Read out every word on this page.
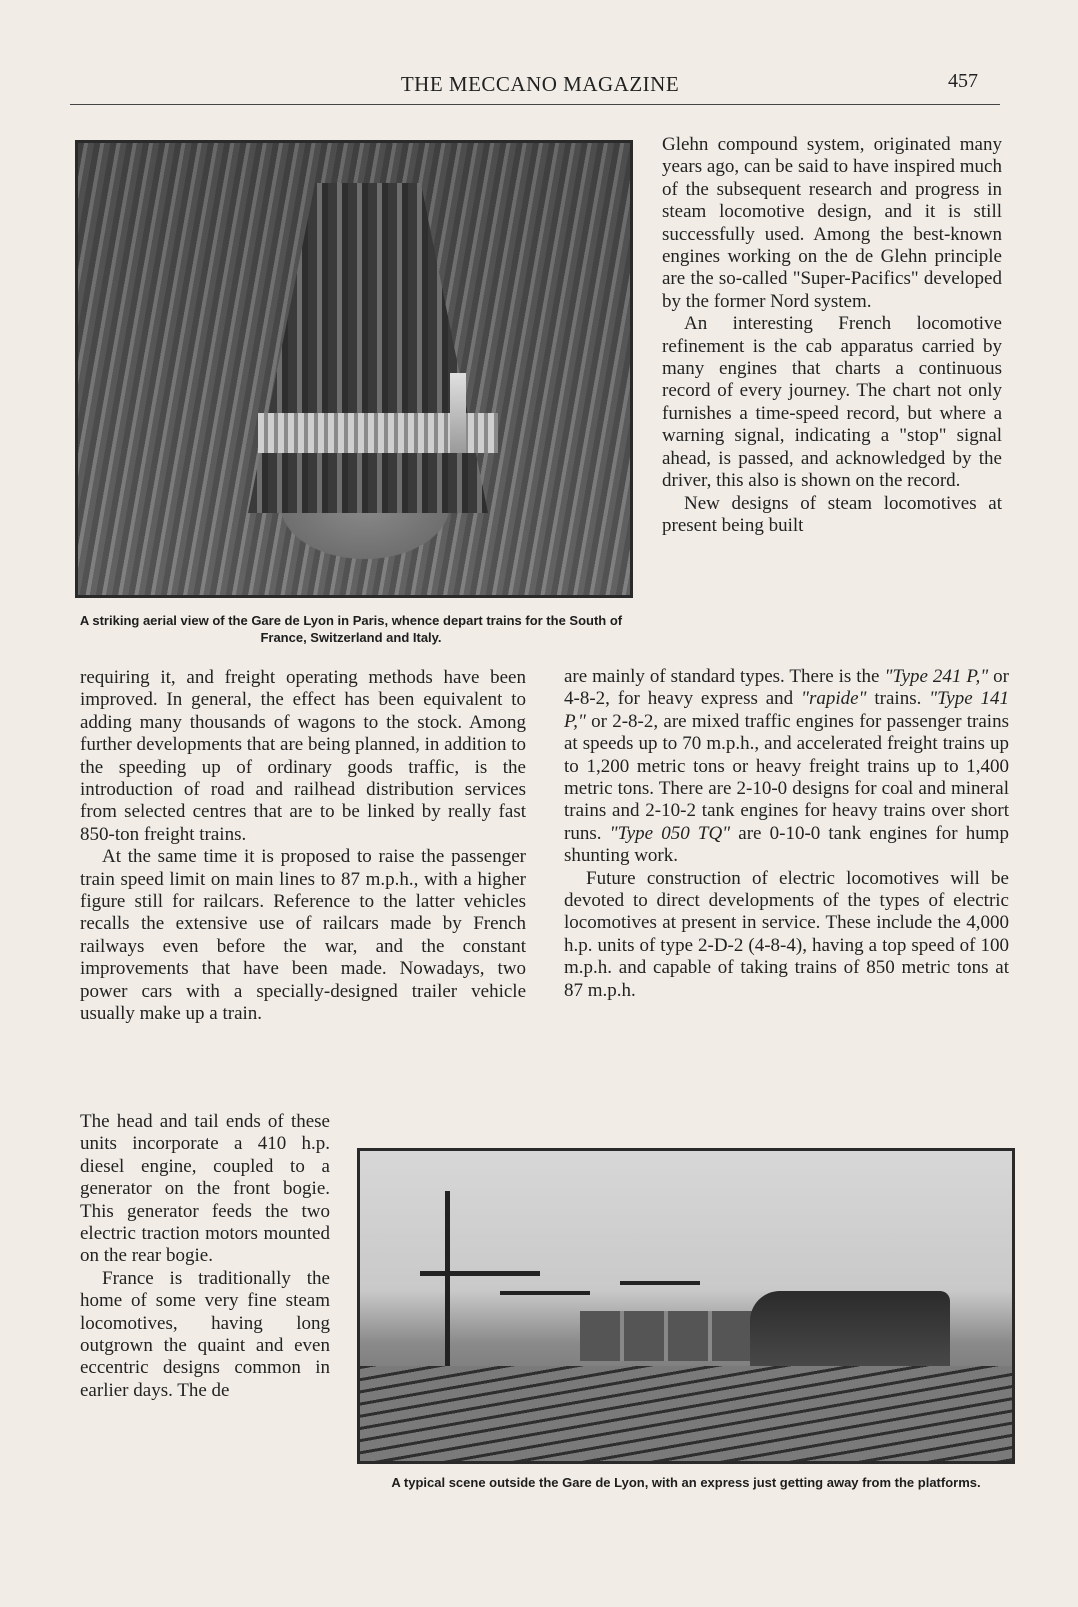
THE MECCANO MAGAZINE	457
A striking aerial view of the Gare de Lyon in Paris, whence depart trains for the South of France, Switzerland and Italy.

Glehn compound system, originated many years ago, can be said to have inspired much of the subsequent research and progress in steam locomotive design, and it is still successfully used. Among the best-known engines working on the de Glehn principle are the so-called "Super-Pacifics" developed by the former Nord system.

An interesting French locomotive refinement is the cab apparatus carried by many engines that charts a continuous record of every journey. The chart not only furnishes a time-speed record, but where a warning signal, indicating a "stop" signal ahead, is passed, and acknowledged by the driver, this also is shown on the record.

New designs of steam locomotives at present being built

are mainly of standard types. There is the "Type 241 P," or 4-8-2, for heavy express and "rapide" trains. "Type 141 P," or 2-8-2, are mixed traffic engines for passenger trains at speeds up to 70 m.p.h., and accelerated freight trains up to 1,200 metric tons or heavy freight trains up to 1,400 metric tons. There are 2-10-0 designs for coal and mineral trains and 2-10-2 tank engines for heavy trains over short runs. "Type 050 TQ" are 0-10-0 tank engines for hump shunting work.

Future construction of electric locomotives will be devoted to direct developments of the types of electric locomotives at present in service. These include the 4,000 h.p. units of type 2-D-2 (4-8-4), having a top speed of 100 m.p.h. and capable of taking trains of 850 metric tons at 87 m.p.h.

requiring it, and freight operating methods have been improved. In general, the effect has been equivalent to adding many thousands of wagons to the stock. Among further developments that are being planned, in addition to the speeding up of ordinary goods traffic, is the introduction of road and railhead distribution services from selected centres that are to be linked by really fast 850-ton freight trains.

At the same time it is proposed to raise the passenger train speed limit on main lines to 87 m.p.h., with a higher figure still for railcars. Reference to the latter vehicles recalls the extensive use of railcars made by French railways even before the war, and the constant improvements that have been made. Nowadays, two power cars with a specially-designed trailer vehicle usually make up a train.

The head and tail ends of these units incorporate a 410 h.p. diesel engine, coupled to a generator on the front bogie. This generator feeds the two electric traction motors mounted on the rear bogie.

France is traditionally the home of some very fine steam locomotives, having long outgrown the quaint and even eccentric designs common in earlier days. The de

A typical scene outside the Gare de Lyon, with an express just getting away from the platforms.
